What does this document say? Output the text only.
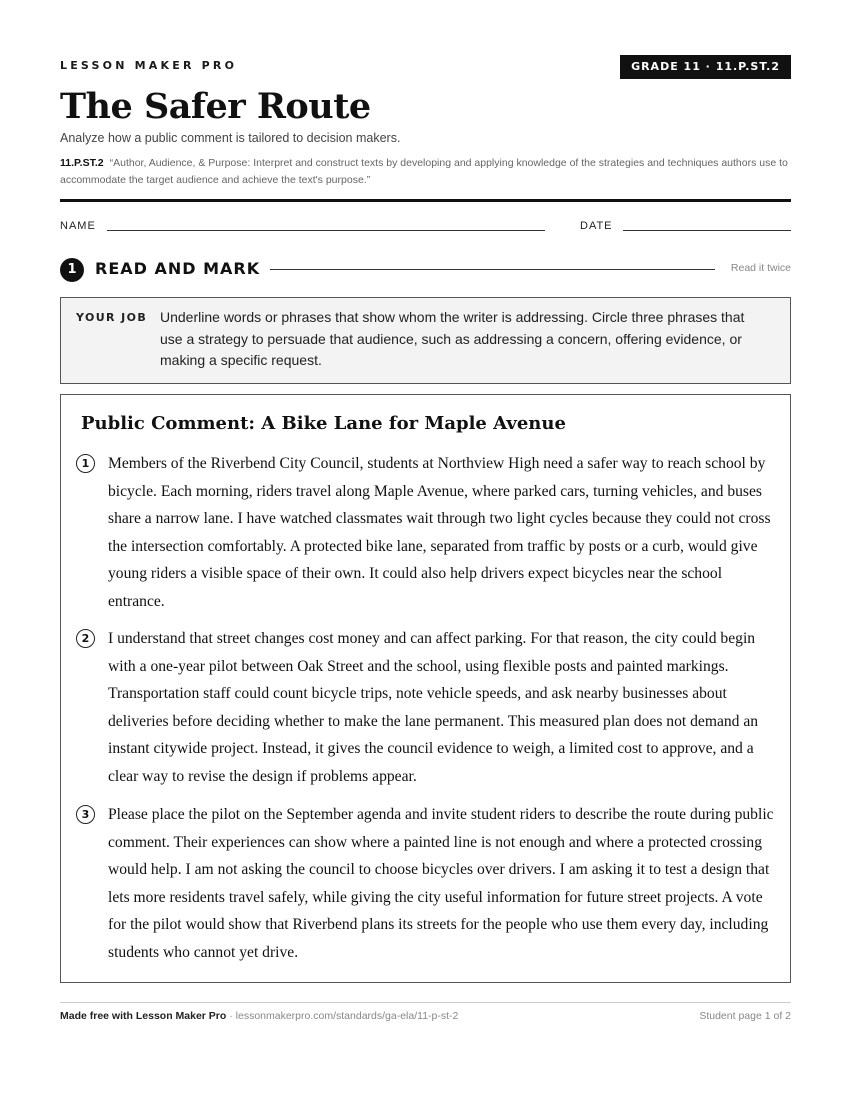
LESSON MAKER PRO	GRADE 11 · 11.P.ST.2
The Safer Route
Analyze how a public comment is tailored to decision makers.
11.P.ST.2 “Author, Audience, & Purpose: Interpret and construct texts by developing and applying knowledge of the strategies and techniques authors use to accommodate the target audience and achieve the text's purpose.”
NAME	DATE
1	READ AND MARK	Read it twice
YOUR JOB Underline words or phrases that show whom the writer is addressing. Circle three phrases that use a strategy to persuade that audience, such as addressing a concern, offering evidence, or making a specific request.
Public Comment: A Bike Lane for Maple Avenue
1	Members of the Riverbend City Council, students at Northview High need a safer way to reach school by bicycle. Each morning, riders travel along Maple Avenue, where parked cars, turning vehicles, and buses share a narrow lane. I have watched classmates wait through two light cycles because they could not cross the intersection comfortably. A protected bike lane, separated from traffic by posts or a curb, would give young riders a visible space of their own. It could also help drivers expect bicycles near the school entrance.
2	I understand that street changes cost money and can affect parking. For that reason, the city could begin with a one-year pilot between Oak Street and the school, using flexible posts and painted markings. Transportation staff could count bicycle trips, note vehicle speeds, and ask nearby businesses about deliveries before deciding whether to make the lane permanent. This measured plan does not demand an instant citywide project. Instead, it gives the council evidence to weigh, a limited cost to approve, and a clear way to revise the design if problems appear.
3	Please place the pilot on the September agenda and invite student riders to describe the route during public comment. Their experiences can show where a painted line is not enough and where a protected crossing would help. I am not asking the council to choose bicycles over drivers. I am asking it to test a design that lets more residents travel safely, while giving the city useful information for future street projects. A vote for the pilot would show that Riverbend plans its streets for the people who use them every day, including students who cannot yet drive.
Made free with Lesson Maker Pro · lessonmakerpro.com/standards/ga-ela/11-p-st-2	Student page 1 of 2
